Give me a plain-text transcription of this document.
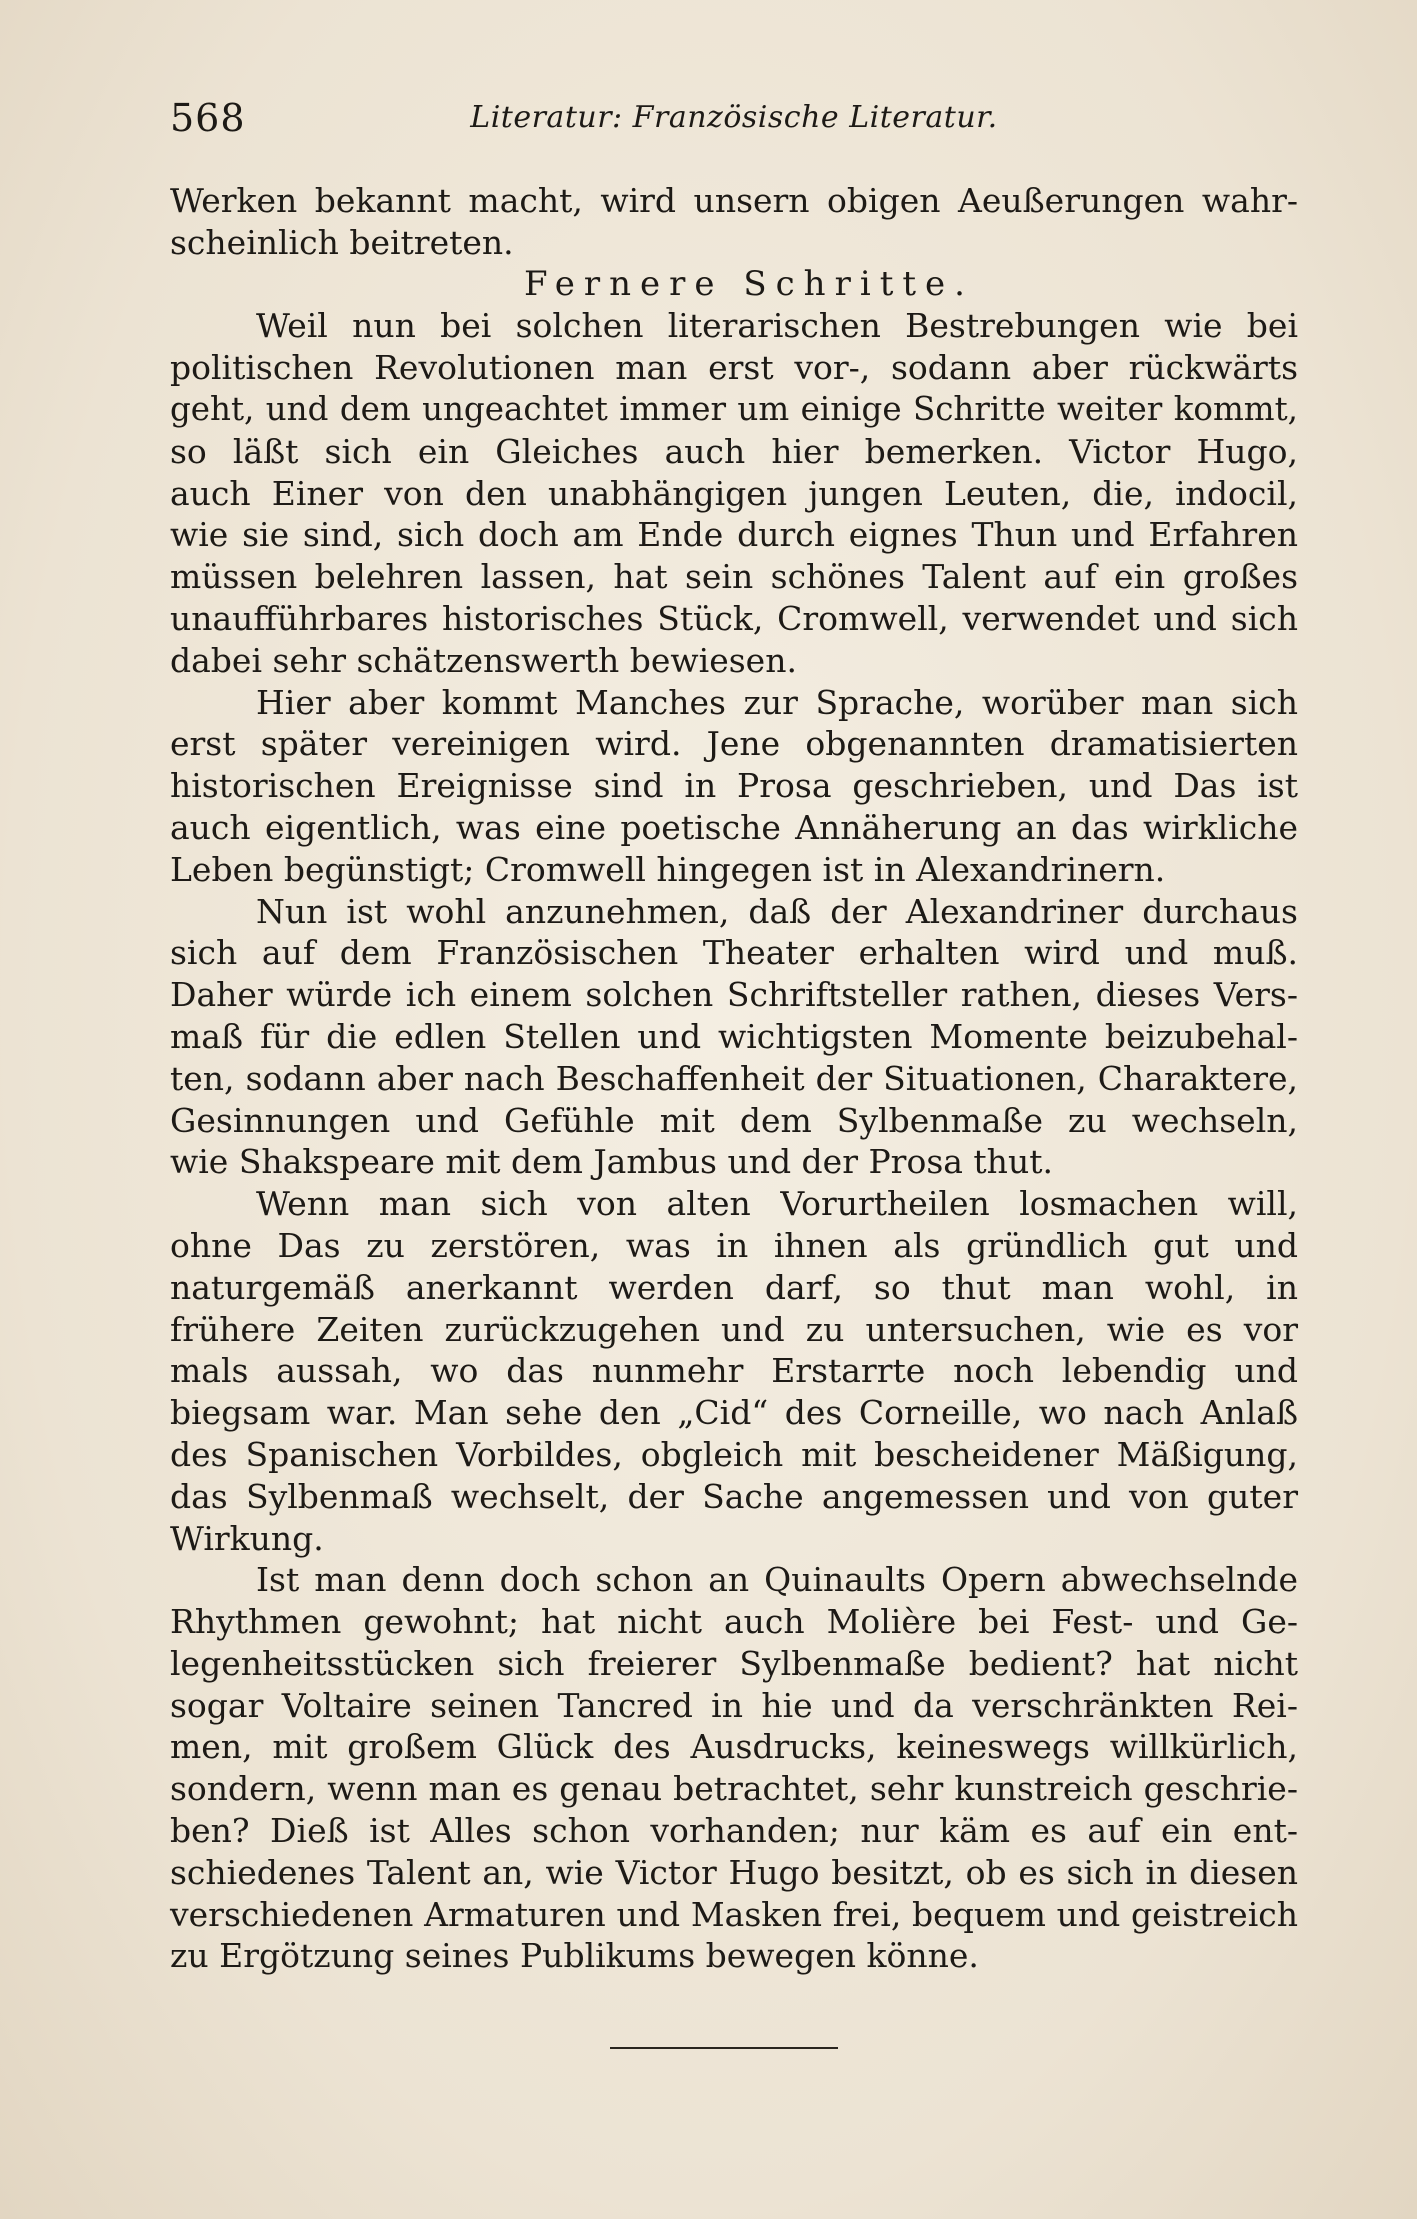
568	Literatur: Französische Literatur.
Werken bekannt macht, wird unsern obigen Aeußerungen wahr-
scheinlich beitreten.
Fernere Schritte.
Weil nun bei solchen literarischen Bestrebungen wie bei
politischen Revolutionen man erst vor-, sodann aber rückwärts
geht, und dem ungeachtet immer um einige Schritte weiter kommt,
so läßt sich ein Gleiches auch hier bemerken. Victor Hugo,
auch Einer von den unabhängigen jungen Leuten, die, indocil,
wie sie sind, sich doch am Ende durch eignes Thun und Erfahren
müssen belehren lassen, hat sein schönes Talent auf ein großes
unaufführbares historisches Stück, Cromwell, verwendet und sich
dabei sehr schätzenswerth bewiesen.
Hier aber kommt Manches zur Sprache, worüber man sich
erst später vereinigen wird. Jene obgenannten dramatisierten
historischen Ereignisse sind in Prosa geschrieben, und Das ist
auch eigentlich, was eine poetische Annäherung an das wirkliche
Leben begünstigt; Cromwell hingegen ist in Alexandrinern.
Nun ist wohl anzunehmen, daß der Alexandriner durchaus
sich auf dem Französischen Theater erhalten wird und muß.
Daher würde ich einem solchen Schriftsteller rathen, dieses Vers-
maß für die edlen Stellen und wichtigsten Momente beizubehal-
ten, sodann aber nach Beschaffenheit der Situationen, Charaktere,
Gesinnungen und Gefühle mit dem Sylbenmaße zu wechseln,
wie Shakspeare mit dem Jambus und der Prosa thut.
Wenn man sich von alten Vorurtheilen losmachen will,
ohne Das zu zerstören, was in ihnen als gründlich gut und
naturgemäß anerkannt werden darf, so thut man wohl, in
frühere Zeiten zurückzugehen und zu untersuchen, wie es vor
mals aussah, wo das nunmehr Erstarrte noch lebendig und
biegsam war. Man sehe den „Cid“ des Corneille, wo nach Anlaß
des Spanischen Vorbildes, obgleich mit bescheidener Mäßigung,
das Sylbenmaß wechselt, der Sache angemessen und von guter
Wirkung.
Ist man denn doch schon an Quinaults Opern abwechselnde
Rhythmen gewohnt; hat nicht auch Molière bei Fest- und Ge-
legenheitsstücken sich freierer Sylbenmaße bedient? hat nicht
sogar Voltaire seinen Tancred in hie und da verschränkten Rei-
men, mit großem Glück des Ausdrucks, keineswegs willkürlich,
sondern, wenn man es genau betrachtet, sehr kunstreich geschrie-
ben? Dieß ist Alles schon vorhanden; nur käm es auf ein ent-
schiedenes Talent an, wie Victor Hugo besitzt, ob es sich in diesen
verschiedenen Armaturen und Masken frei, bequem und geistreich
zu Ergötzung seines Publikums bewegen könne.
